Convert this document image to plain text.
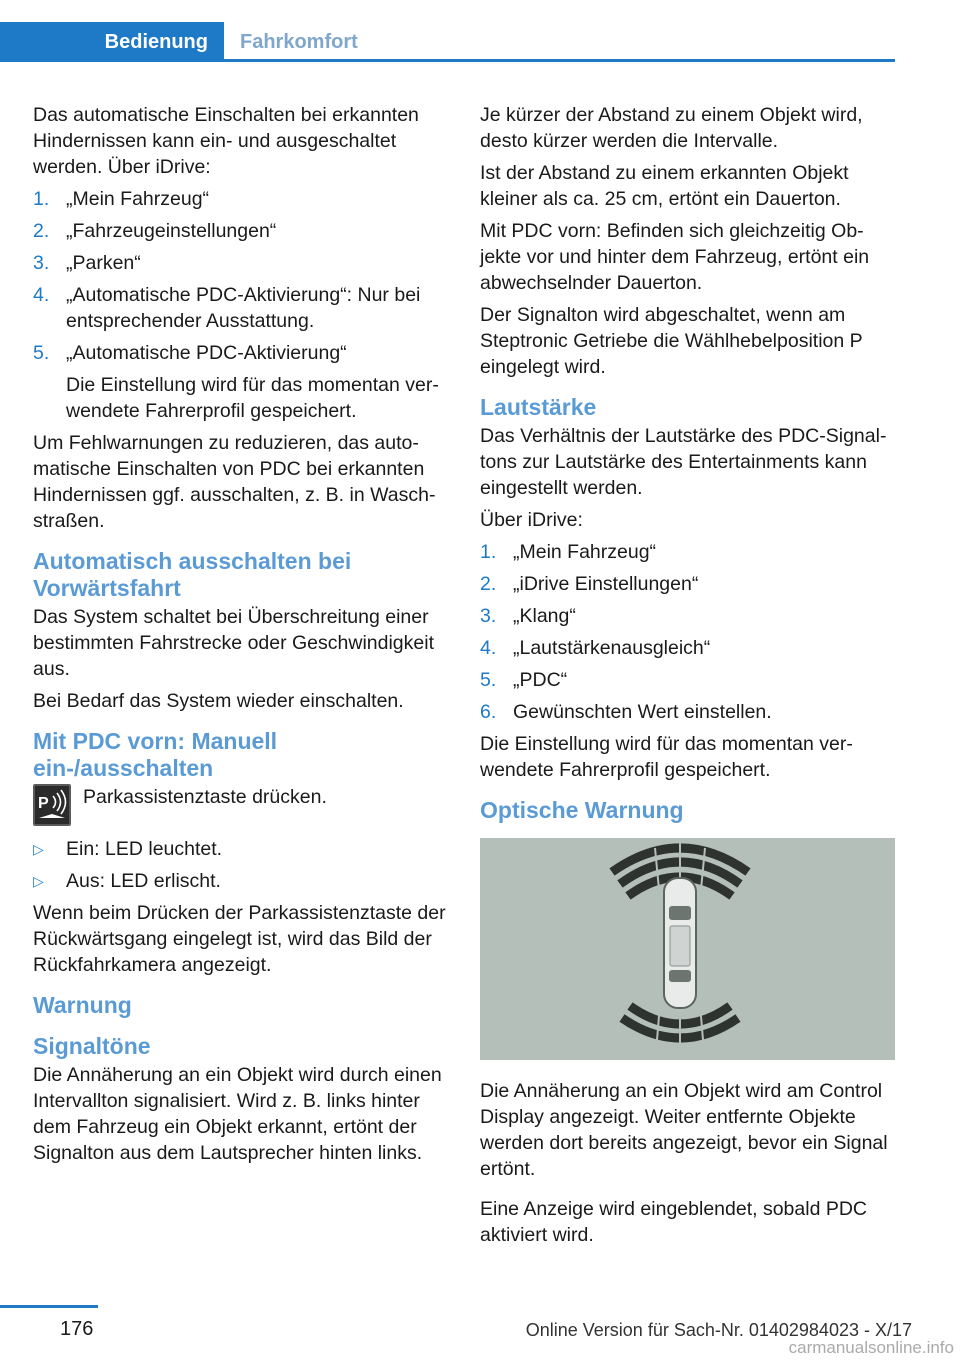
Bedienung	Fahrkomfort

Das automatische Einschalten bei erkannten Hindernissen kann ein- und ausgeschaltet werden. Über iDrive:

1. „Mein Fahrzeug“
2. „Fahrzeugeinstellungen“
3. „Parken“
4. „Automatische PDC-Aktivierung“: Nur bei entsprechender Ausstattung.
5. „Automatische PDC-Aktivierung“
Die Einstellung wird für das momentan verwendete Fahrerprofil gespeichert.

Um Fehlwarnungen zu reduzieren, das automatische Einschalten von PDC bei erkannten Hindernissen ggf. ausschalten, z. B. in Waschstraßen.

Automatisch ausschalten bei Vorwärtsfahrt

Das System schaltet bei Überschreitung einer bestimmten Fahrstrecke oder Geschwindigkeit aus.

Bei Bedarf das System wieder einschalten.

Mit PDC vorn: Manuell ein-/ausschalten
P Parkassistenztaste drücken.
▷ Ein: LED leuchtet.
▷ Aus: LED erlischt.

Wenn beim Drücken der Parkassistenztaste der Rückwärtsgang eingelegt ist, wird das Bild der Rückfahrkamera angezeigt.

Warnung
Signaltöne

Die Annäherung an ein Objekt wird durch einen Intervallton signalisiert. Wird z. B. links hinter dem Fahrzeug ein Objekt erkannt, ertönt der Signalton aus dem Lautsprecher hinten links.

Je kürzer der Abstand zu einem Objekt wird, desto kürzer werden die Intervalle.

Ist der Abstand zu einem erkannten Objekt kleiner als ca. 25 cm, ertönt ein Dauerton.

Mit PDC vorn: Befinden sich gleichzeitig Objekte vor und hinter dem Fahrzeug, ertönt ein abwechselnder Dauerton.

Der Signalton wird abgeschaltet, wenn am Steptronic Getriebe die Wählhebelposition P eingelegt wird.

Lautstärke

Das Verhältnis der Lautstärke des PDC-Signaltons zur Lautstärke des Entertainments kann eingestellt werden.

Über iDrive:

1. „Mein Fahrzeug“
2. „iDrive Einstellungen“
3. „Klang“
4. „Lautstärkenausgleich“
5. „PDC“
6. Gewünschten Wert einstellen.

Die Einstellung wird für das momentan verwendete Fahrerprofil gespeichert.

Optische Warnung

Die Annäherung an ein Objekt wird am Control Display angezeigt. Weiter entfernte Objekte werden dort bereits angezeigt, bevor ein Signal ertönt.

Eine Anzeige wird eingeblendet, sobald PDC aktiviert wird.

176	Online Version für Sach-Nr. 01402984023 - X/17
carmanualsonline.info
